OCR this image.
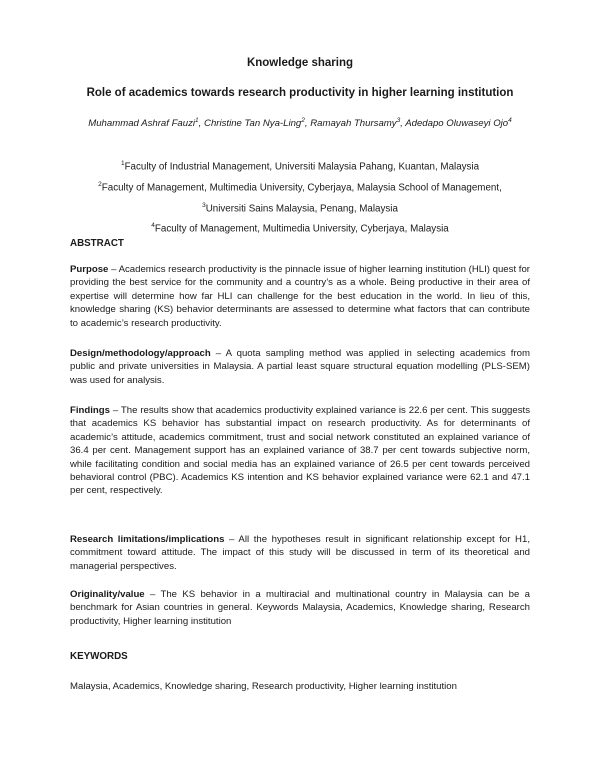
Knowledge sharing
Role of academics towards research productivity in higher learning institution
Muhammad Ashraf Fauzi$^1$, Christine Tan Nya-Ling$^2$, Ramayah Thursamy$^3$, Adedapo Oluwaseyi Ojo$^4$
$^1$Faculty of Industrial Management, Universiti Malaysia Pahang, Kuantan, Malaysia
$^2$Faculty of Management, Multimedia University, Cyberjaya, Malaysia School of Management,
$^3$Universiti Sains Malaysia, Penang, Malaysia
$^4$Faculty of Management, Multimedia University, Cyberjaya, Malaysia
ABSTRACT
Purpose – Academics research productivity is the pinnacle issue of higher learning institution (HLI) quest for providing the best service for the community and a country’s as a whole. Being productive in their area of expertise will determine how far HLI can challenge for the best education in the world. In lieu of this, knowledge sharing (KS) behavior determinants are assessed to determine what factors that can contribute to academic’s research productivity.
Design/methodology/approach – A quota sampling method was applied in selecting academics from public and private universities in Malaysia. A partial least square structural equation modelling (PLS-SEM) was used for analysis.
Findings – The results show that academics productivity explained variance is 22.6 per cent. This suggests that academics KS behavior has substantial impact on research productivity. As for determinants of academic’s attitude, academics commitment, trust and social network constituted an explained variance of 36.4 per cent. Management support has an explained variance of 38.7 per cent towards subjective norm, while facilitating condition and social media has an explained variance of 26.5 per cent towards perceived behavioral control (PBC). Academics KS intention and KS behavior explained variance were 62.1 and 47.1 per cent, respectively.
Research limitations/implications – All the hypotheses result in significant relationship except for H1, commitment toward attitude. The impact of this study will be discussed in term of its theoretical and managerial perspectives.
Originality/value – The KS behavior in a multiracial and multinational country in Malaysia can be a benchmark for Asian countries in general. Keywords Malaysia, Academics, Knowledge sharing, Research productivity, Higher learning institution
KEYWORDS
Malaysia, Academics, Knowledge sharing, Research productivity, Higher learning institution
